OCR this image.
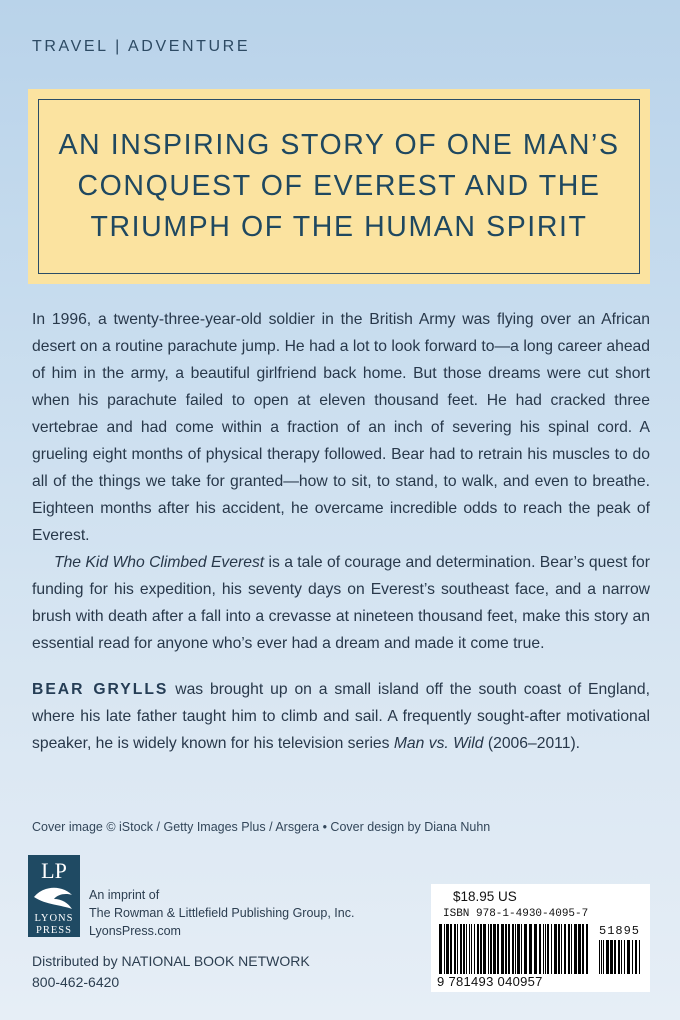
TRAVEL | ADVENTURE
AN INSPIRING STORY OF ONE MAN’S
CONQUEST OF EVEREST AND THE
TRIUMPH OF THE HUMAN SPIRIT

In 1996, a twenty-three-year-old soldier in the British Army was flying over an African desert on a routine parachute jump. He had a lot to look forward to—a long career ahead of him in the army, a beautiful girlfriend back home. But those dreams were cut short when his parachute failed to open at eleven thousand feet. He had cracked three vertebrae and had come within a fraction of an inch of severing his spinal cord. A grueling eight months of physical therapy followed. Bear had to retrain his muscles to do all of the things we take for granted—how to sit, to stand, to walk, and even to breathe. Eighteen months after his accident, he overcame incredible odds to reach the peak of Everest.

The Kid Who Climbed Everest is a tale of courage and determination. Bear’s quest for funding for his expedition, his seventy days on Everest’s southeast face, and a narrow brush with death after a fall into a crevasse at nineteen thousand feet, make this story an essential read for anyone who’s ever had a dream and made it come true.

BEAR GRYLLS was brought up on a small island off the south coast of England, where his late father taught him to climb and sail. A frequently sought-after motivational speaker, he is widely known for his television series Man vs. Wild (2006–2011).
Cover image © iStock / Getty Images Plus / Arsgera • Cover design by Diana Nuhn
LP
LYONS
PRESS
An imprint of
The Rowman & Littlefield Publishing Group, Inc.
LyonsPress.com
Distributed by NATIONAL BOOK NETWORK
800-462-6420
$18.95 US
ISBN 978-1-4930-4095-7
51895
9 781493 040957
